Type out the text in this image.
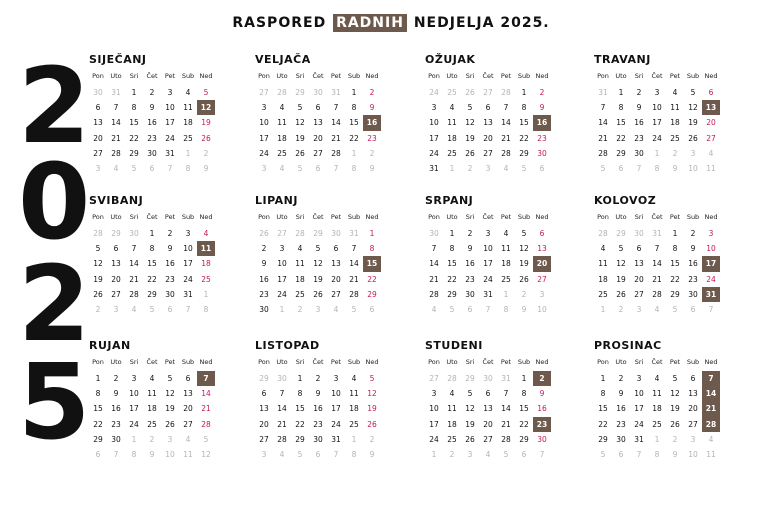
RASPORED RADNIH NEDJELJA 2025.
2
0
2
5
SIJEČANJ
Pon Uto	Sri	Čet	Pet	Sub Ned
30	31	1	2	3	4	5
6	7	8	9	10	11	12
13	14	15	16	17	18	19
20	21	22	23	24	25	26
27	28	29	30	31	1	2
3	4	5	6	7	8	9
VELJAČA
Pon Uto	Sri	Čet	Pet	Sub Ned
27	28	29	30	31	1	2
3	4	5	6	7	8	9
10	11	12	13	14	15	16
17	18	19	20	21	22	23
24	25	26	27	28	1	2
3	4	5	6	7	8	9
OŽUJAK
Pon Uto	Sri	Čet	Pet	Sub Ned
24	25	26	27	28	1	2
3	4	5	6	7	8	9
10	11	12	13	14	15	16
17	18	19	20	21	22	23
24	25	26	27	28	29	30
31	1	2	3	4	5	6
TRAVANJ
Pon Uto	Sri	Čet	Pet	Sub Ned
31	1	2	3	4	5	6
7	8	9	10	11	12	13
14	15	16	17	18	19	20
21	22	23	24	25	26	27
28	29	30	1	2	3	4
5	6	7	8	9	10	11
SVIBANJ
Pon Uto	Sri	Čet	Pet	Sub Ned
28	29	30	1	2	3	4
5	6	7	8	9	10	11
12	13	14	15	16	17	18
19	20	21	22	23	24	25
26	27	28	29	30	31	1
2	3	4	5	6	7	8
LIPANJ
Pon Uto	Sri	Čet	Pet	Sub Ned
26	27	28	29	30	31	1
2	3	4	5	6	7	8
9	10	11	12	13	14	15
16	17	18	19	20	21	22
23	24	25	26	27	28	29
30	1	2	3	4	5	6
SRPANJ
Pon Uto	Sri	Čet	Pet	Sub Ned
30	1	2	3	4	5	6
7	8	9	10	11	12	13
14	15	16	17	18	19	20
21	22	23	24	25	26	27
28	29	30	31	1	2	3
4	5	6	7	8	9	10
KOLOVOZ
Pon Uto	Sri	Čet	Pet	Sub Ned
28	29	30	31	1	2	3
4	5	6	7	8	9	10
11	12	13	14	15	16	17
18	19	20	21	22	23	24
25	26	27	28	29	30	31
1	2	3	4	5	6	7
RUJAN
Pon Uto	Sri	Čet	Pet	Sub Ned
1	2	3	4	5	6	7
8	9	10	11	12	13	14
15	16	17	18	19	20	21
22	23	24	25	26	27	28
29	30	1	2	3	4	5
6	7	8	9	10	11	12
LISTOPAD
Pon Uto	Sri	Čet	Pet	Sub Ned
29	30	1	2	3	4	5
6	7	8	9	10	11	12
13	14	15	16	17	18	19
20	21	22	23	24	25	26
27	28	29	30	31	1	2
3	4	5	6	7	8	9
STUDENI
Pon Uto	Sri	Čet	Pet	Sub Ned
27	28	29	30	31	1	2
3	4	5	6	7	8	9
10	11	12	13	14	15	16
17	18	19	20	21	22	23
24	25	26	27	28	29	30
1	2	3	4	5	6	7
PROSINAC
Pon Uto	Sri	Čet	Pet	Sub Ned
1	2	3	4	5	6	7
8	9	10	11	12	13	14
15	16	17	18	19	20	21
22	23	24	25	26	27	28
29	30	31	1	2	3	4
5	6	7	8	9	10	11
